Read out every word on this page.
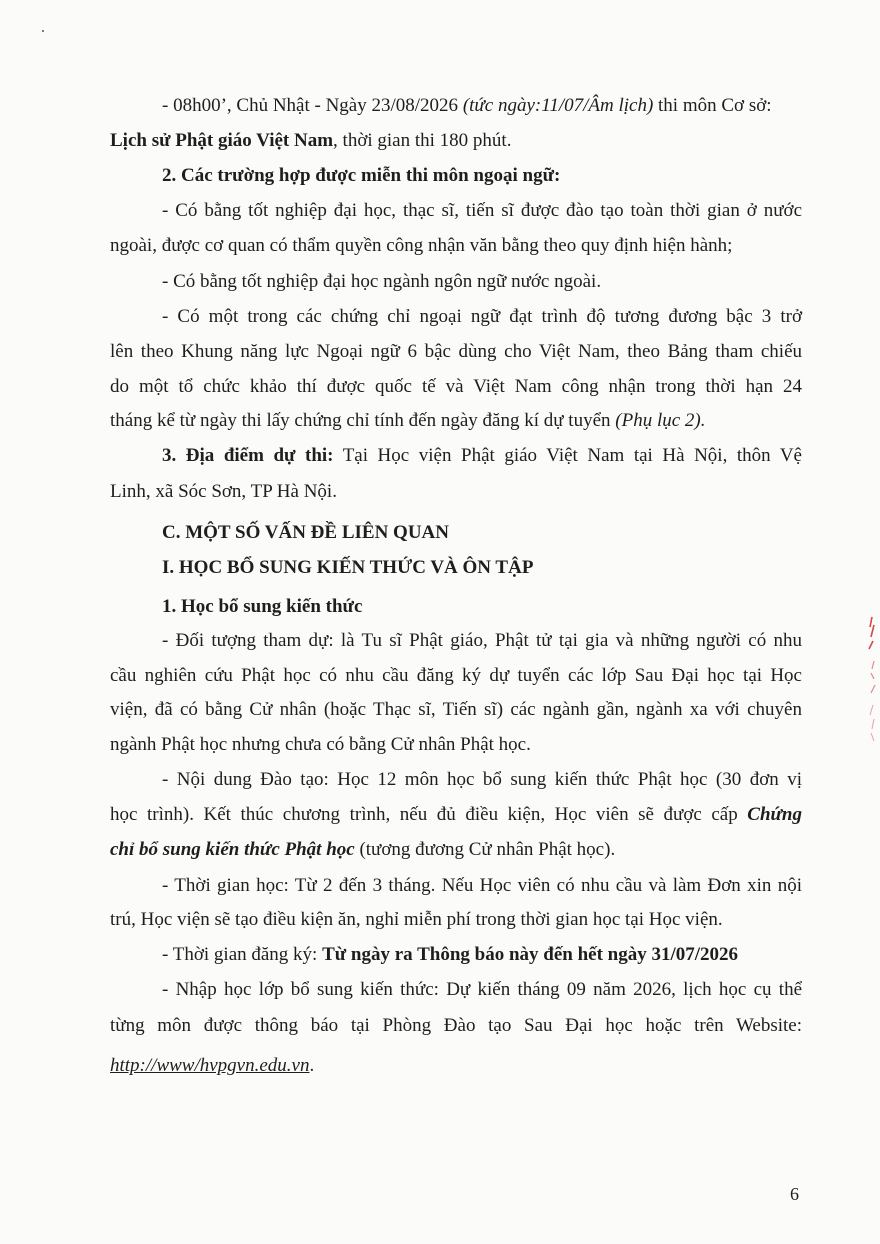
- 08h00’, Chủ Nhật - Ngày 23/08/2026 (tức ngày:11/07/Âm lịch) thi môn Cơ sở:
Lịch sử Phật giáo Việt Nam, thời gian thi 180 phút.
2. Các trường hợp được miễn thi môn ngoại ngữ:
- Có bằng tốt nghiệp đại học, thạc sĩ, tiến sĩ được đào tạo toàn thời gian ở nước
ngoài, được cơ quan có thẩm quyền công nhận văn bằng theo quy định hiện hành;
- Có bằng tốt nghiệp đại học ngành ngôn ngữ nước ngoài.
- Có một trong các chứng chỉ ngoại ngữ đạt trình độ tương đương bậc 3 trở
lên theo Khung năng lực Ngoại ngữ 6 bậc dùng cho Việt Nam, theo Bảng tham chiếu
do một tổ chức khảo thí được quốc tế và Việt Nam công nhận trong thời hạn 24
tháng kể từ ngày thi lấy chứng chỉ tính đến ngày đăng kí dự tuyển (Phụ lục 2).
3. Địa điểm dự thi: Tại Học viện Phật giáo Việt Nam tại Hà Nội, thôn Vệ
Linh, xã Sóc Sơn, TP Hà Nội.
C. MỘT SỐ VẤN ĐỀ LIÊN QUAN
I. HỌC BỔ SUNG KIẾN THỨC VÀ ÔN TẬP
1. Học bổ sung kiến thức
- Đối tượng tham dự: là Tu sĩ Phật giáo, Phật tử tại gia và những người có nhu
cầu nghiên cứu Phật học có nhu cầu đăng ký dự tuyển các lớp Sau Đại học tại Học
viện, đã có bằng Cử nhân (hoặc Thạc sĩ, Tiến sĩ) các ngành gần, ngành xa với chuyên
ngành Phật học nhưng chưa có bằng Cử nhân Phật học.
- Nội dung Đào tạo: Học 12 môn học bổ sung kiến thức Phật học (30 đơn vị
học trình). Kết thúc chương trình, nếu đủ điều kiện, Học viên sẽ được cấp Chứng
chỉ bổ sung kiến thức Phật học (tương đương Cử nhân Phật học).
- Thời gian học: Từ 2 đến 3 tháng. Nếu Học viên có nhu cầu và làm Đơn xin nội
trú, Học viện sẽ tạo điều kiện ăn, nghỉ miễn phí trong thời gian học tại Học viện.
- Thời gian đăng ký: Từ ngày ra Thông báo này đến hết ngày 31/07/2026
- Nhập học lớp bổ sung kiến thức: Dự kiến tháng 09 năm 2026, lịch học cụ thể
từng môn được thông báo tại Phòng Đào tạo Sau Đại học hoặc trên Website:
http://www/hvpgvn.edu.vn.
6
